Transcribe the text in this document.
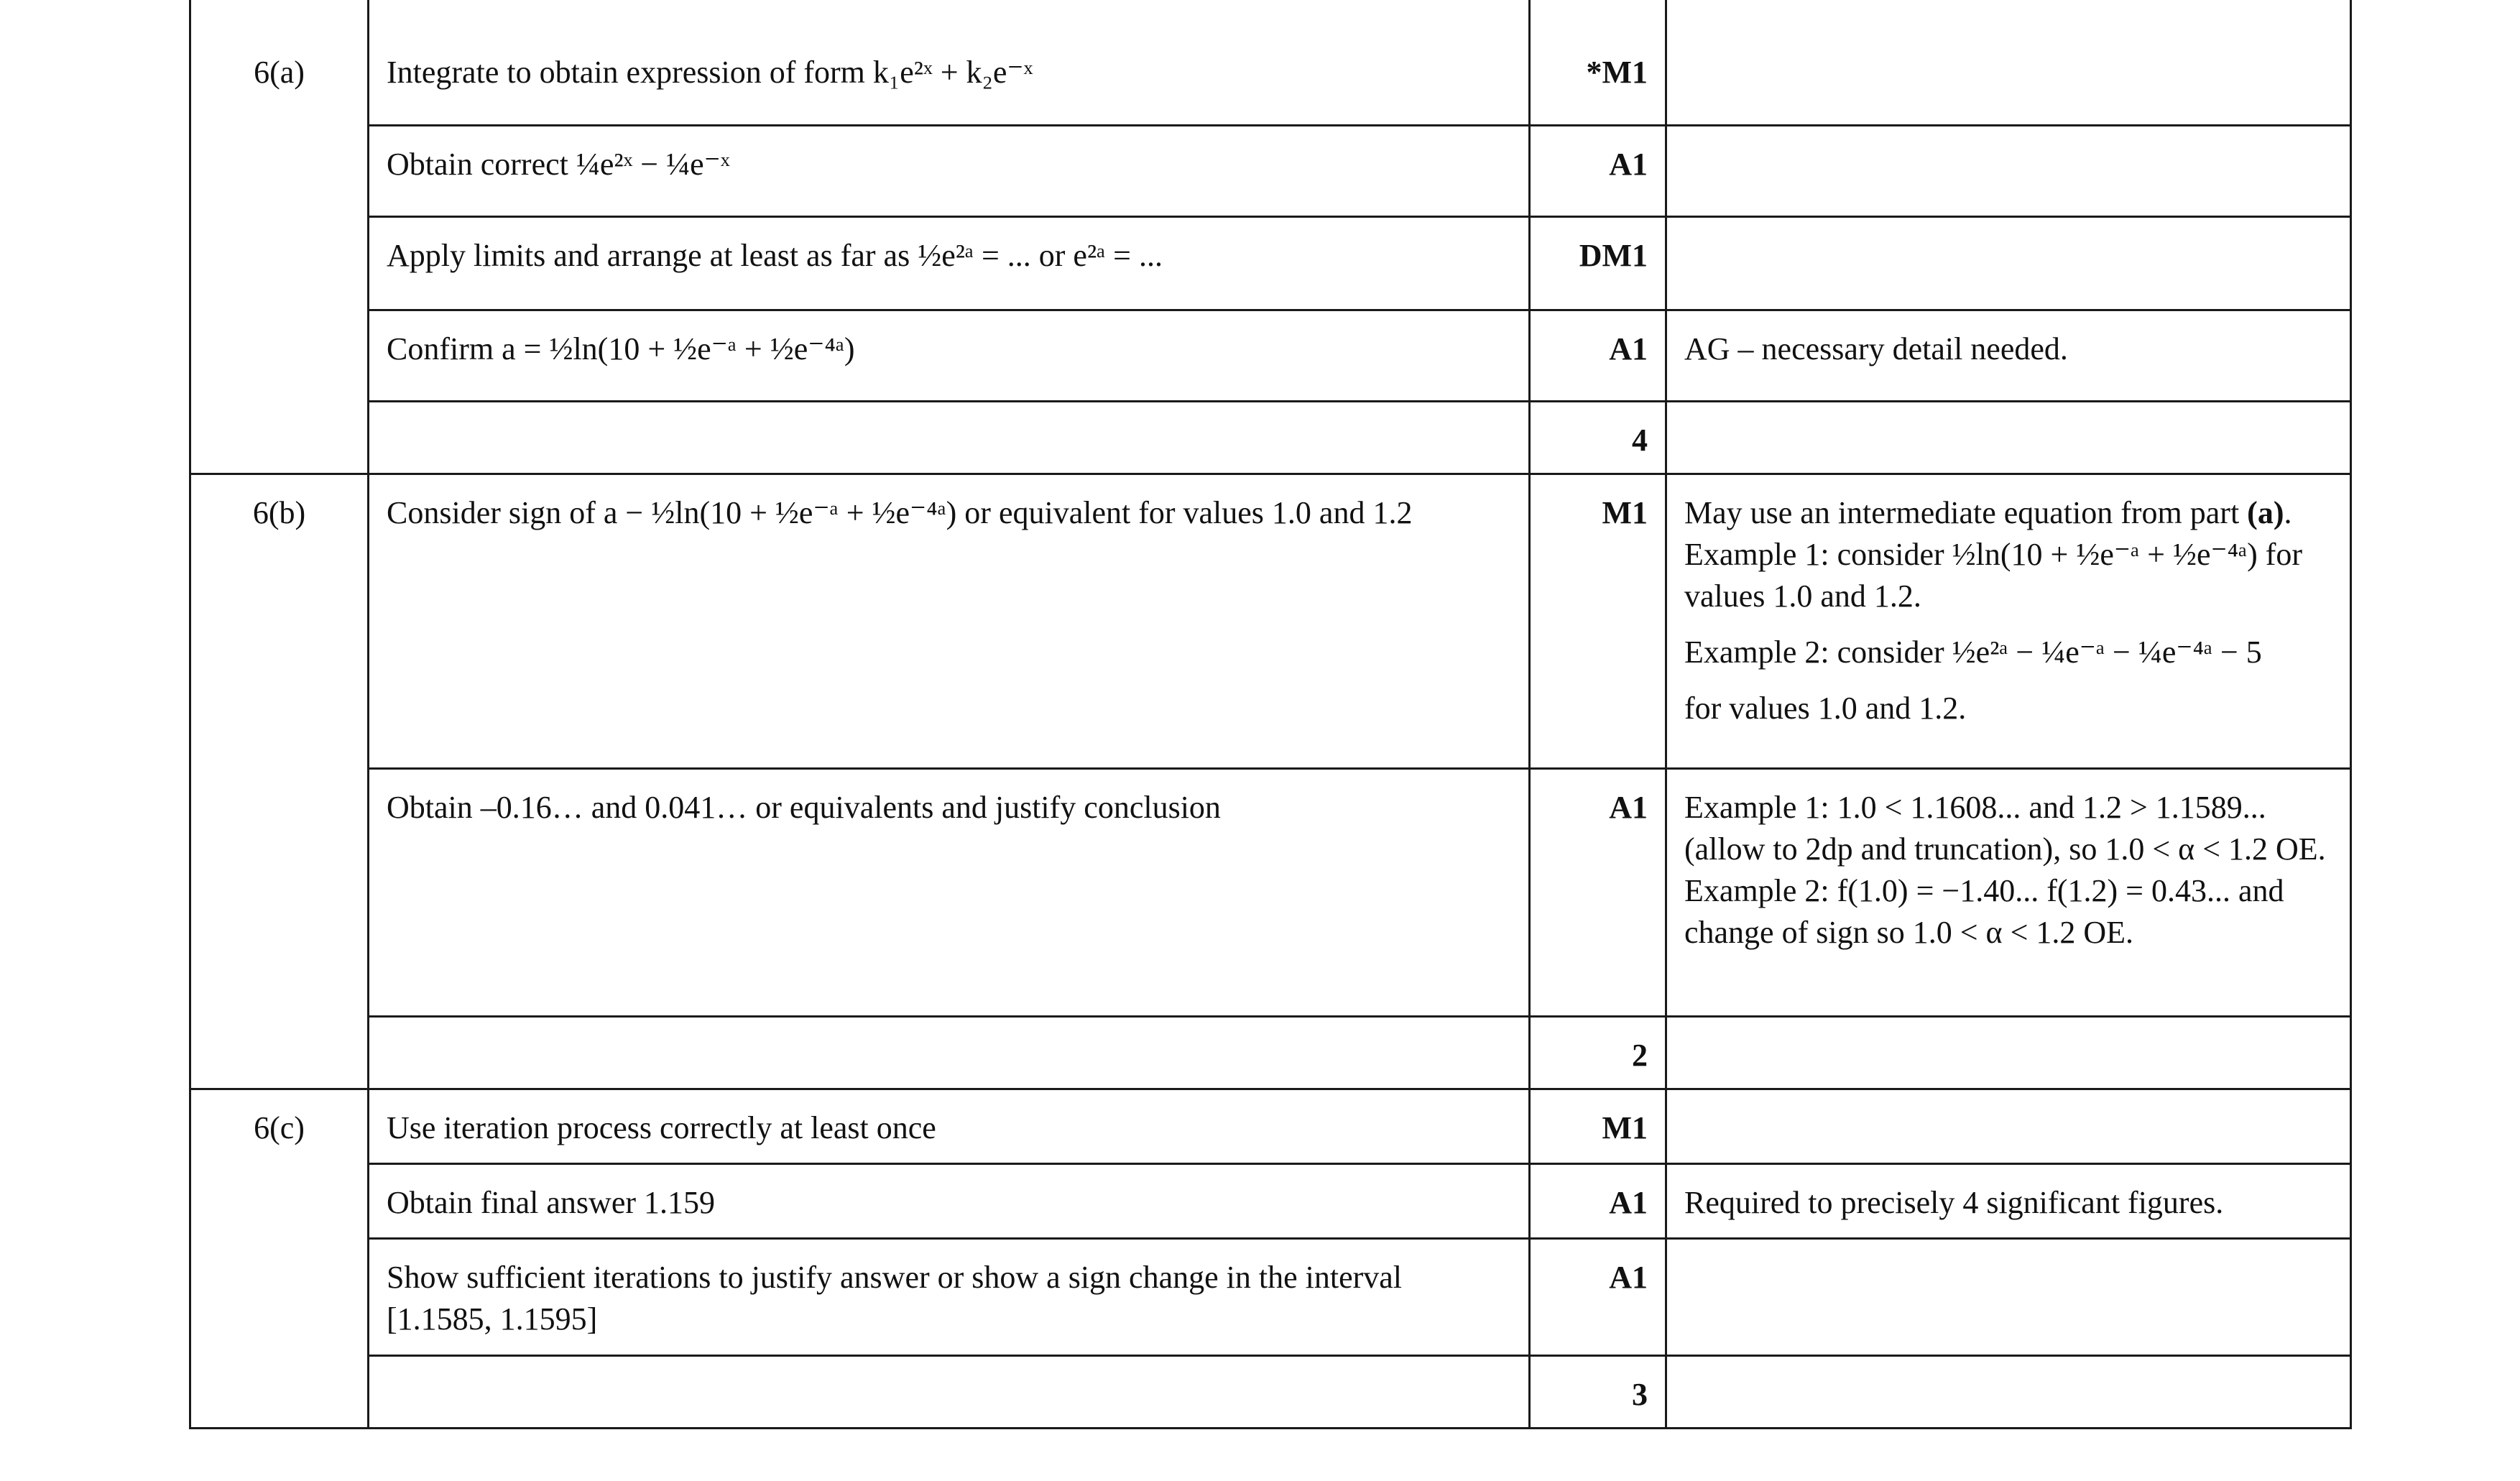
6(a)	Integrate to obtain expression of form k₁e²ˣ + k₂e⁻ˣ	*M1	
	Obtain correct ¼e²ˣ − ¼e⁻ˣ	A1	
	Apply limits and arrange at least as far as ½e²ᵃ = ... or e²ᵃ = ...	DM1	
	Confirm a = ½ln(10 + ½e⁻ᵃ + ½e⁻⁴ᵃ)	A1	AG – necessary detail needed.
		4	
6(b)	Consider sign of a − ½ln(10 + ½e⁻ᵃ + ½e⁻⁴ᵃ) or equivalent for values 1.0 and 1.2	M1	May use an intermediate equation from part (a).
Example 1: consider ½ln(10 + ½e⁻ᵃ + ½e⁻⁴ᵃ) for values 1.0 and 1.2.
Example 2: consider ½e²ᵃ − ¼e⁻ᵃ − ¼e⁻⁴ᵃ − 5
for values 1.0 and 1.2.

	Obtain –0.16… and 0.041… or equivalents and justify conclusion	A1	Example 1: 1.0 < 1.1608... and 1.2 > 1.1589... (allow to 2dp and truncation), so 1.0 < α < 1.2 OE.
Example 2: f(1.0) = −1.40... f(1.2) = 0.43... and change of sign so 1.0 < α < 1.2 OE.

		2	
6(c)	Use iteration process correctly at least once	M1	
	Obtain final answer 1.159	A1	Required to precisely 4 significant figures.
	Show sufficient iterations to justify answer or show a sign change in the interval [1.1585, 1.1595]	A1	
		3	
